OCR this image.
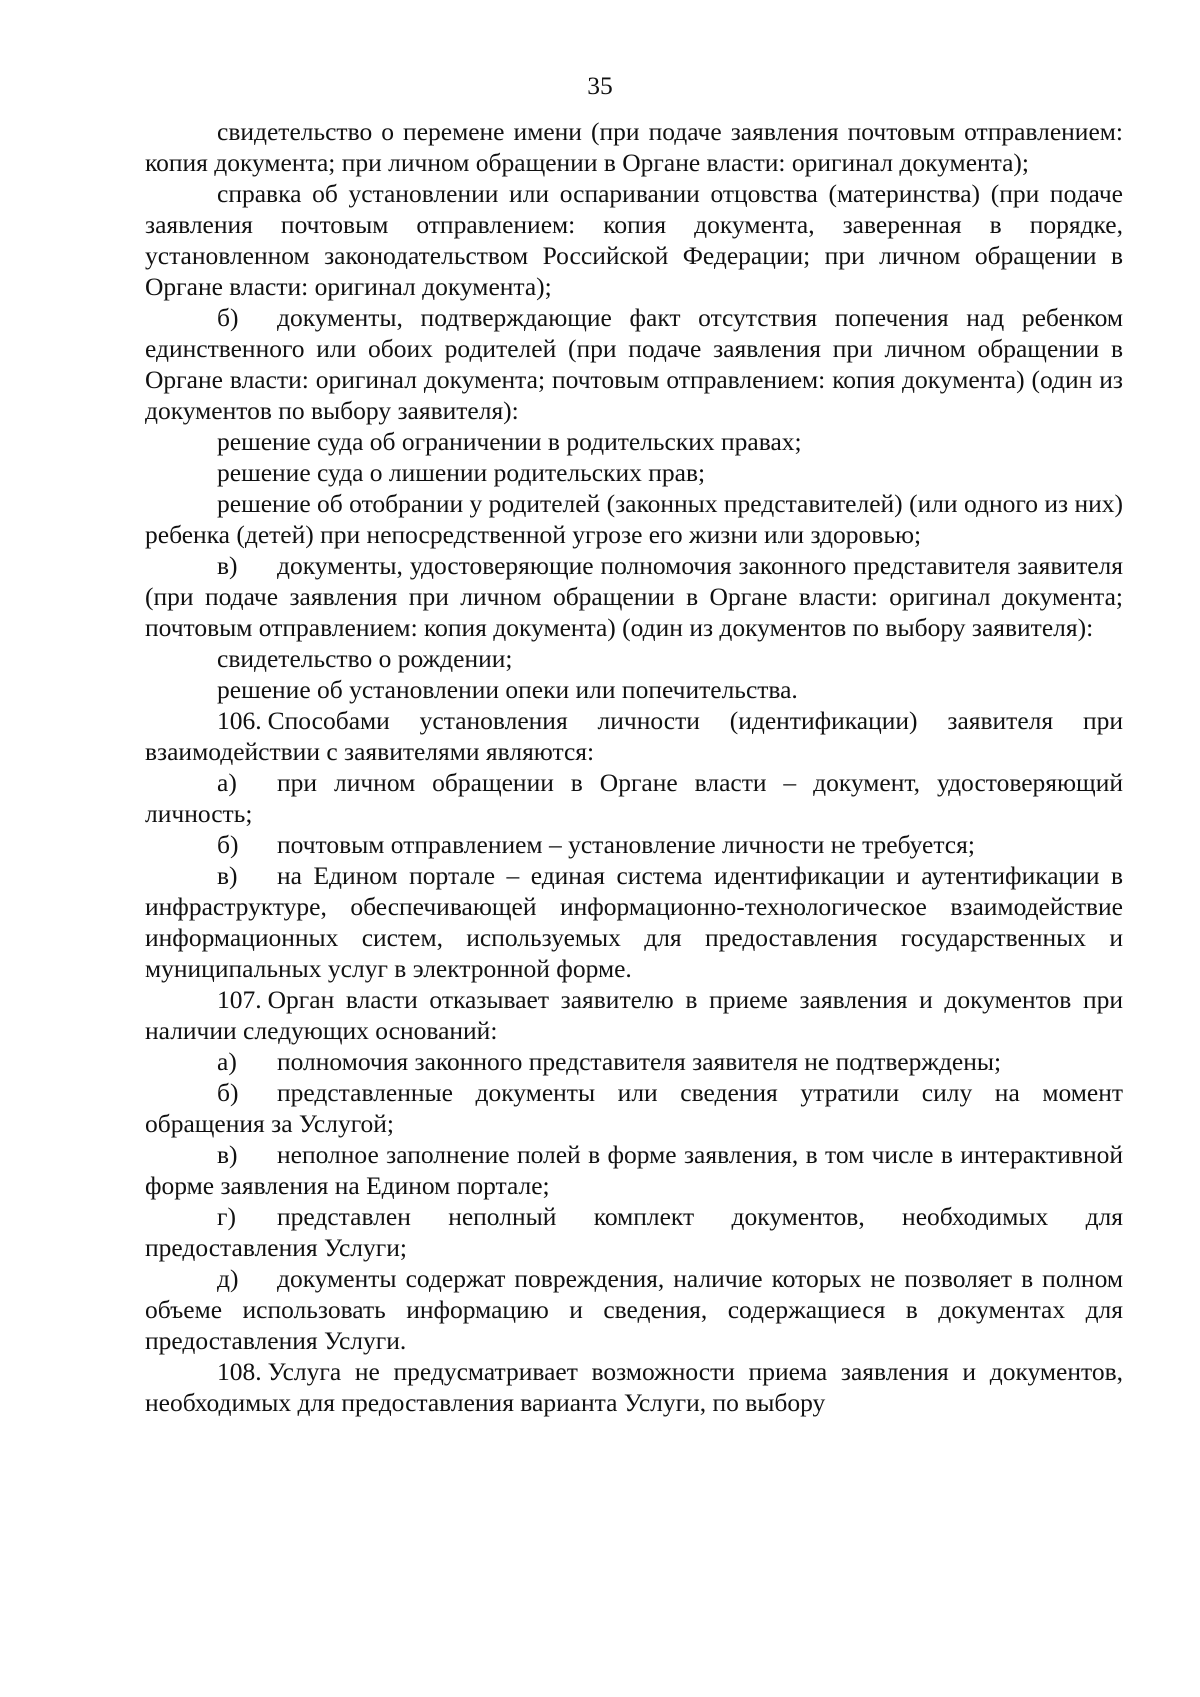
35

свидетельство о перемене имени (при подаче заявления почтовым отправлением: копия документа; при личном обращении в Органе власти: оригинал документа);

справка об установлении или оспаривании отцовства (материнства) (при подаче заявления почтовым отправлением: копия документа, заверенная в порядке, установленном законодательством Российской Федерации; при личном обращении в Органе власти: оригинал документа);

б) документы, подтверждающие факт отсутствия попечения над ребенком единственного или обоих родителей (при подаче заявления при личном обращении в Органе власти: оригинал документа; почтовым отправлением: копия документа) (один из документов по выбору заявителя):

решение суда об ограничении в родительских правах;

решение суда о лишении родительских прав;

решение об отобрании у родителей (законных представителей) (или одного из них) ребенка (детей) при непосредственной угрозе его жизни или здоровью;

в) документы, удостоверяющие полномочия законного представителя заявителя (при подаче заявления при личном обращении в Органе власти: оригинал документа; почтовым отправлением: копия документа) (один из документов по выбору заявителя):

свидетельство о рождении;

решение об установлении опеки или попечительства.

106. Способами установления личности (идентификации) заявителя при взаимодействии с заявителями являются:

а) при личном обращении в Органе власти – документ, удостоверяющий личность;

б) почтовым отправлением – установление личности не требуется;

в) на Едином портале – единая система идентификации и аутентификации в инфраструктуре, обеспечивающей информационно-технологическое взаимодействие информационных систем, используемых для предоставления государственных и муниципальных услуг в электронной форме.

107. Орган власти отказывает заявителю в приеме заявления и документов при наличии следующих оснований:

а) полномочия законного представителя заявителя не подтверждены;

б) представленные документы или сведения утратили силу на момент обращения за Услугой;

в) неполное заполнение полей в форме заявления, в том числе в интерактивной форме заявления на Едином портале;

г) представлен неполный комплект документов, необходимых для предоставления Услуги;

д) документы содержат повреждения, наличие которых не позволяет в полном объеме использовать информацию и сведения, содержащиеся в документах для предоставления Услуги.

108. Услуга не предусматривает возможности приема заявления и документов, необходимых для предоставления варианта Услуги, по выбору
